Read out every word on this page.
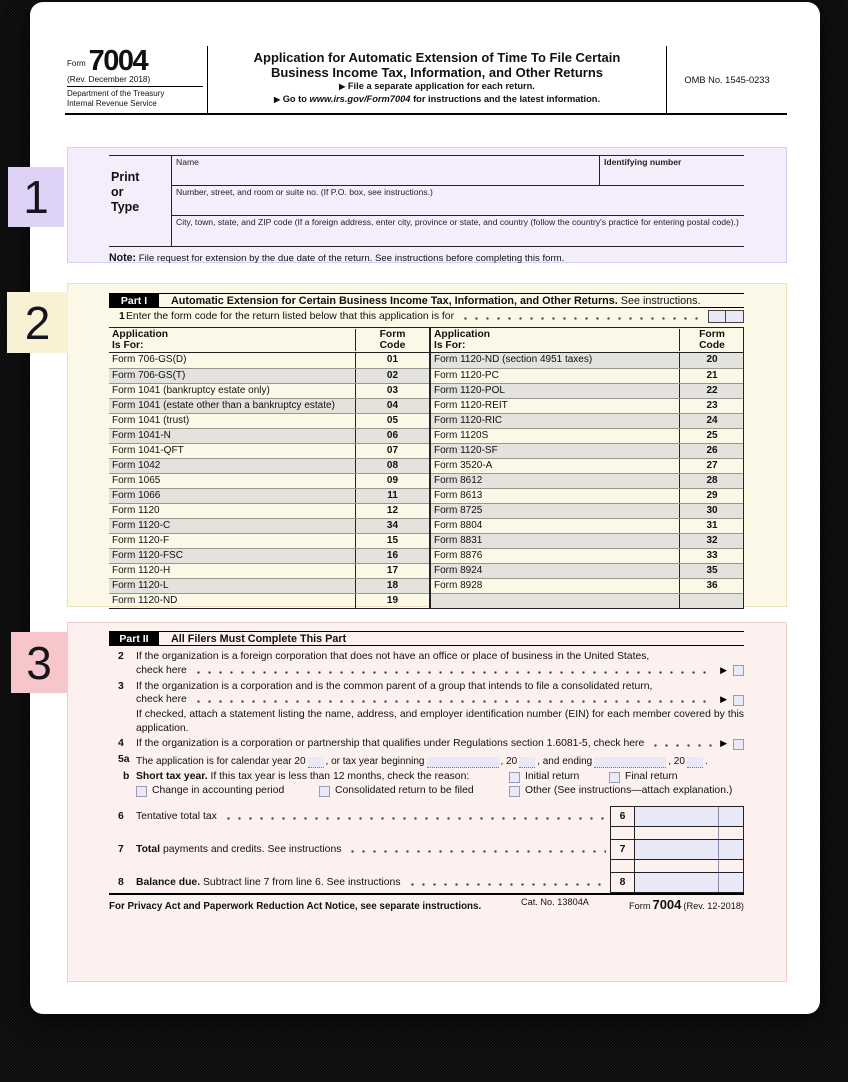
Form 7004
(Rev. December 2018)
Department of the Treasury
Internal Revenue Service
Application for Automatic Extension of Time To File Certain
Business Income Tax, Information, and Other Returns
▶ File a separate application for each return.
▶ Go to www.irs.gov/Form7004 for instructions and the latest information.
OMB No. 1545-0233
Print
or
Type
Name	Identifying number
Number, street, and room or suite no. (If P.O. box, see instructions.)
City, town, state, and ZIP code (If a foreign address, enter city, province or state, and country (follow the country's practice for entering postal code).)
Note: File request for extension by the due date of the return. See instructions before completing this form.
Part I	Automatic Extension for Certain Business Income Tax, Information, and Other Returns. See instructions.
1 Enter the form code for the return listed below that this application is for
Application
Is For:
Form
Code
Form 706-GS(D)	01
Form 706-GS(T)	02
Form 1041 (bankruptcy estate only)	03
Form 1041 (estate other than a bankruptcy estate)	04
Form 1041 (trust)	05
Form 1041-N	06
Form 1041-QFT	07
Form 1042	08
Form 1065	09
Form 1066	11
Form 1120	12
Form 1120-C	34
Form 1120-F	15
Form 1120-FSC	16
Form 1120-H	17
Form 1120-L	18
Form 1120-ND	19
Application
Is For:
Form
Code
Form 1120-ND (section 4951 taxes)	20
Form 1120-PC	21
Form 1120-POL	22
Form 1120-REIT	23
Form 1120-RIC	24
Form 1120S	25
Form 1120-SF	26
Form 3520-A	27
Form 8612	28
Form 8613	29
Form 8725	30
Form 8804	31
Form 8831	32
Form 8876	33
Form 8924	35
Form 8928	36
Part II	All Filers Must Complete This Part
2	If the organization is a foreign corporation that does not have an office or place of business in the United States,
check here	▶
3	If the organization is a corporation and is the common parent of a group that intends to file a consolidated return,
check here	▶
If checked, attach a statement listing the name, address, and employer identification number (EIN) for each member covered by this application.
4	If the organization is a corporation or partnership that qualifies under Regulations section 1.6081-5, check here	▶
5a The application is for calendar year 20 , or tax year beginning	, 20 , and ending	, 20 .
b Short tax year. If this tax year is less than 12 months, check the reason:	Initial return	Final return
Change in accounting period	Consolidated return to be filed	Other (See instructions—attach explanation.)
6	Tentative total tax	6
7	Total payments and credits. See instructions	7
8	Balance due. Subtract line 7 from line 6. See instructions	8
For Privacy Act and Paperwork Reduction Act Notice, see separate instructions.	Cat. No. 13804A	Form 7004 (Rev. 12-2018)
1
2
3
